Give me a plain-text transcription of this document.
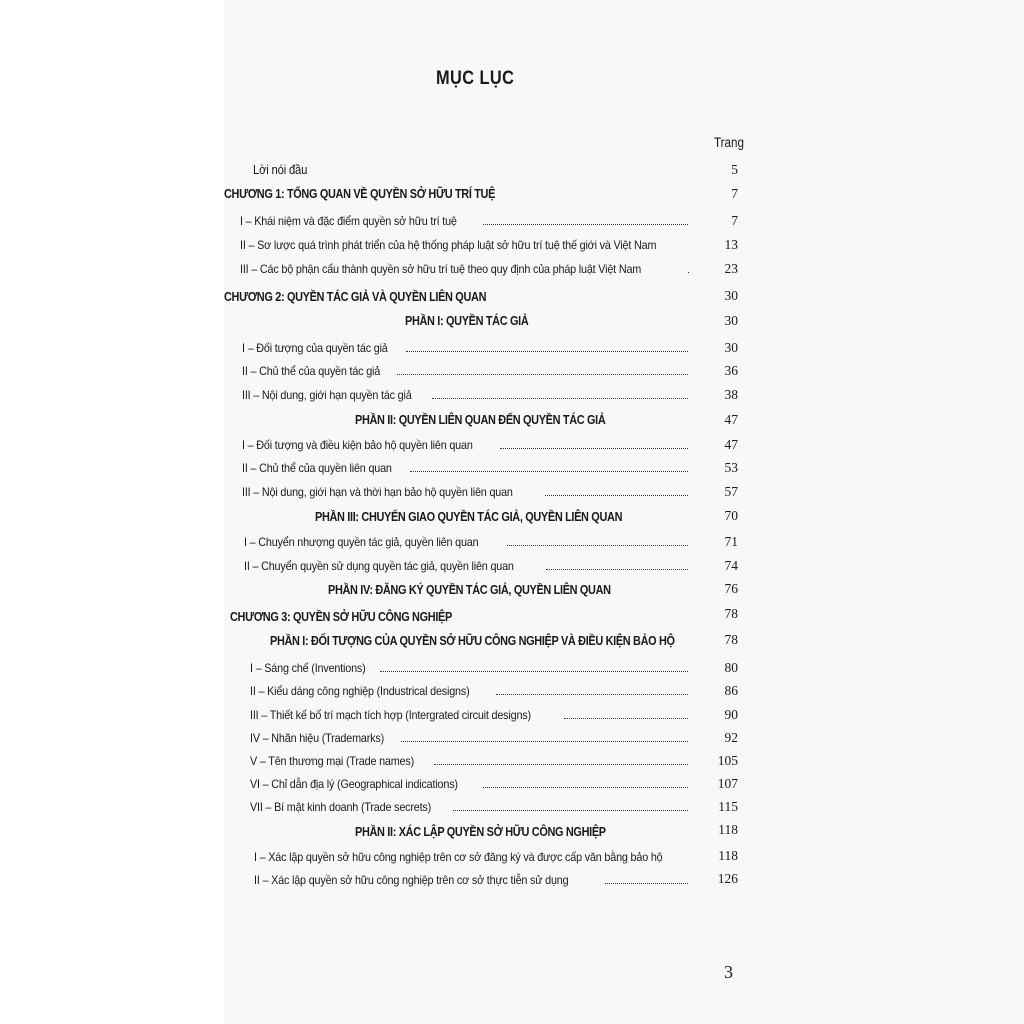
MỤC LỤC
Trang
Lời nói đầu	5
CHƯƠNG 1: TỔNG QUAN VỀ QUYỀN SỞ HỮU TRÍ TUỆ	7
I – Khái niệm và đặc điểm quyền sở hữu trí tuệ	7
II – Sơ lược quá trình phát triển của hệ thống pháp luật sở hữu trí tuệ thế giới và Việt Nam	13
III – Các bộ phận cấu thành quyền sở hữu trí tuệ theo quy định của pháp luật Việt Nam	23
CHƯƠNG 2: QUYỀN TÁC GIẢ VÀ QUYỀN LIÊN QUAN	30
PHẦN I: QUYỀN TÁC GIẢ	30
I – Đối tượng của quyền tác giả	30
II – Chủ thể của quyền tác giả	36
III – Nội dung, giới hạn quyền tác giả	38
PHẦN II: QUYỀN LIÊN QUAN ĐẾN QUYỀN TÁC GIẢ	47
I – Đối tượng và điều kiện bảo hộ quyền liên quan	47
II – Chủ thể của quyền liên quan	53
III – Nội dung, giới hạn và thời hạn bảo hộ quyền liên quan	57
PHẦN III: CHUYỂN GIAO QUYỀN TÁC GIẢ, QUYỀN LIÊN QUAN	70
I – Chuyển nhượng quyền tác giả, quyền liên quan	71
II – Chuyển quyền sử dụng quyền tác giả, quyền liên quan	74
PHẦN IV: ĐĂNG KÝ QUYỀN TÁC GIẢ, QUYỀN LIÊN QUAN	76
CHƯƠNG 3: QUYỀN SỞ HỮU CÔNG NGHIỆP	78
PHẦN I: ĐỐI TƯỢNG CỦA QUYỀN SỞ HỮU CÔNG NGHIỆP VÀ ĐIỀU KIỆN BẢO HỘ	78
I – Sáng chế (Inventions)	80
II – Kiểu dáng công nghiệp (Industrical designs)	86
III – Thiết kế bố trí mạch tích hợp (Intergrated circuit designs)	90
IV – Nhãn hiệu (Trademarks)	92
V – Tên thương mại (Trade names)	105
VI – Chỉ dẫn địa lý (Geographical indications)	107
VII – Bí mật kinh doanh (Trade secrets)	115
PHẦN II: XÁC LẬP QUYỀN SỞ HỮU CÔNG NGHIỆP	118
I – Xác lập quyền sở hữu công nghiệp trên cơ sở đăng ký và được cấp văn bằng bảo hộ	118
II – Xác lập quyền sở hữu công nghiệp trên cơ sở thực tiễn sử dụng	126
3
